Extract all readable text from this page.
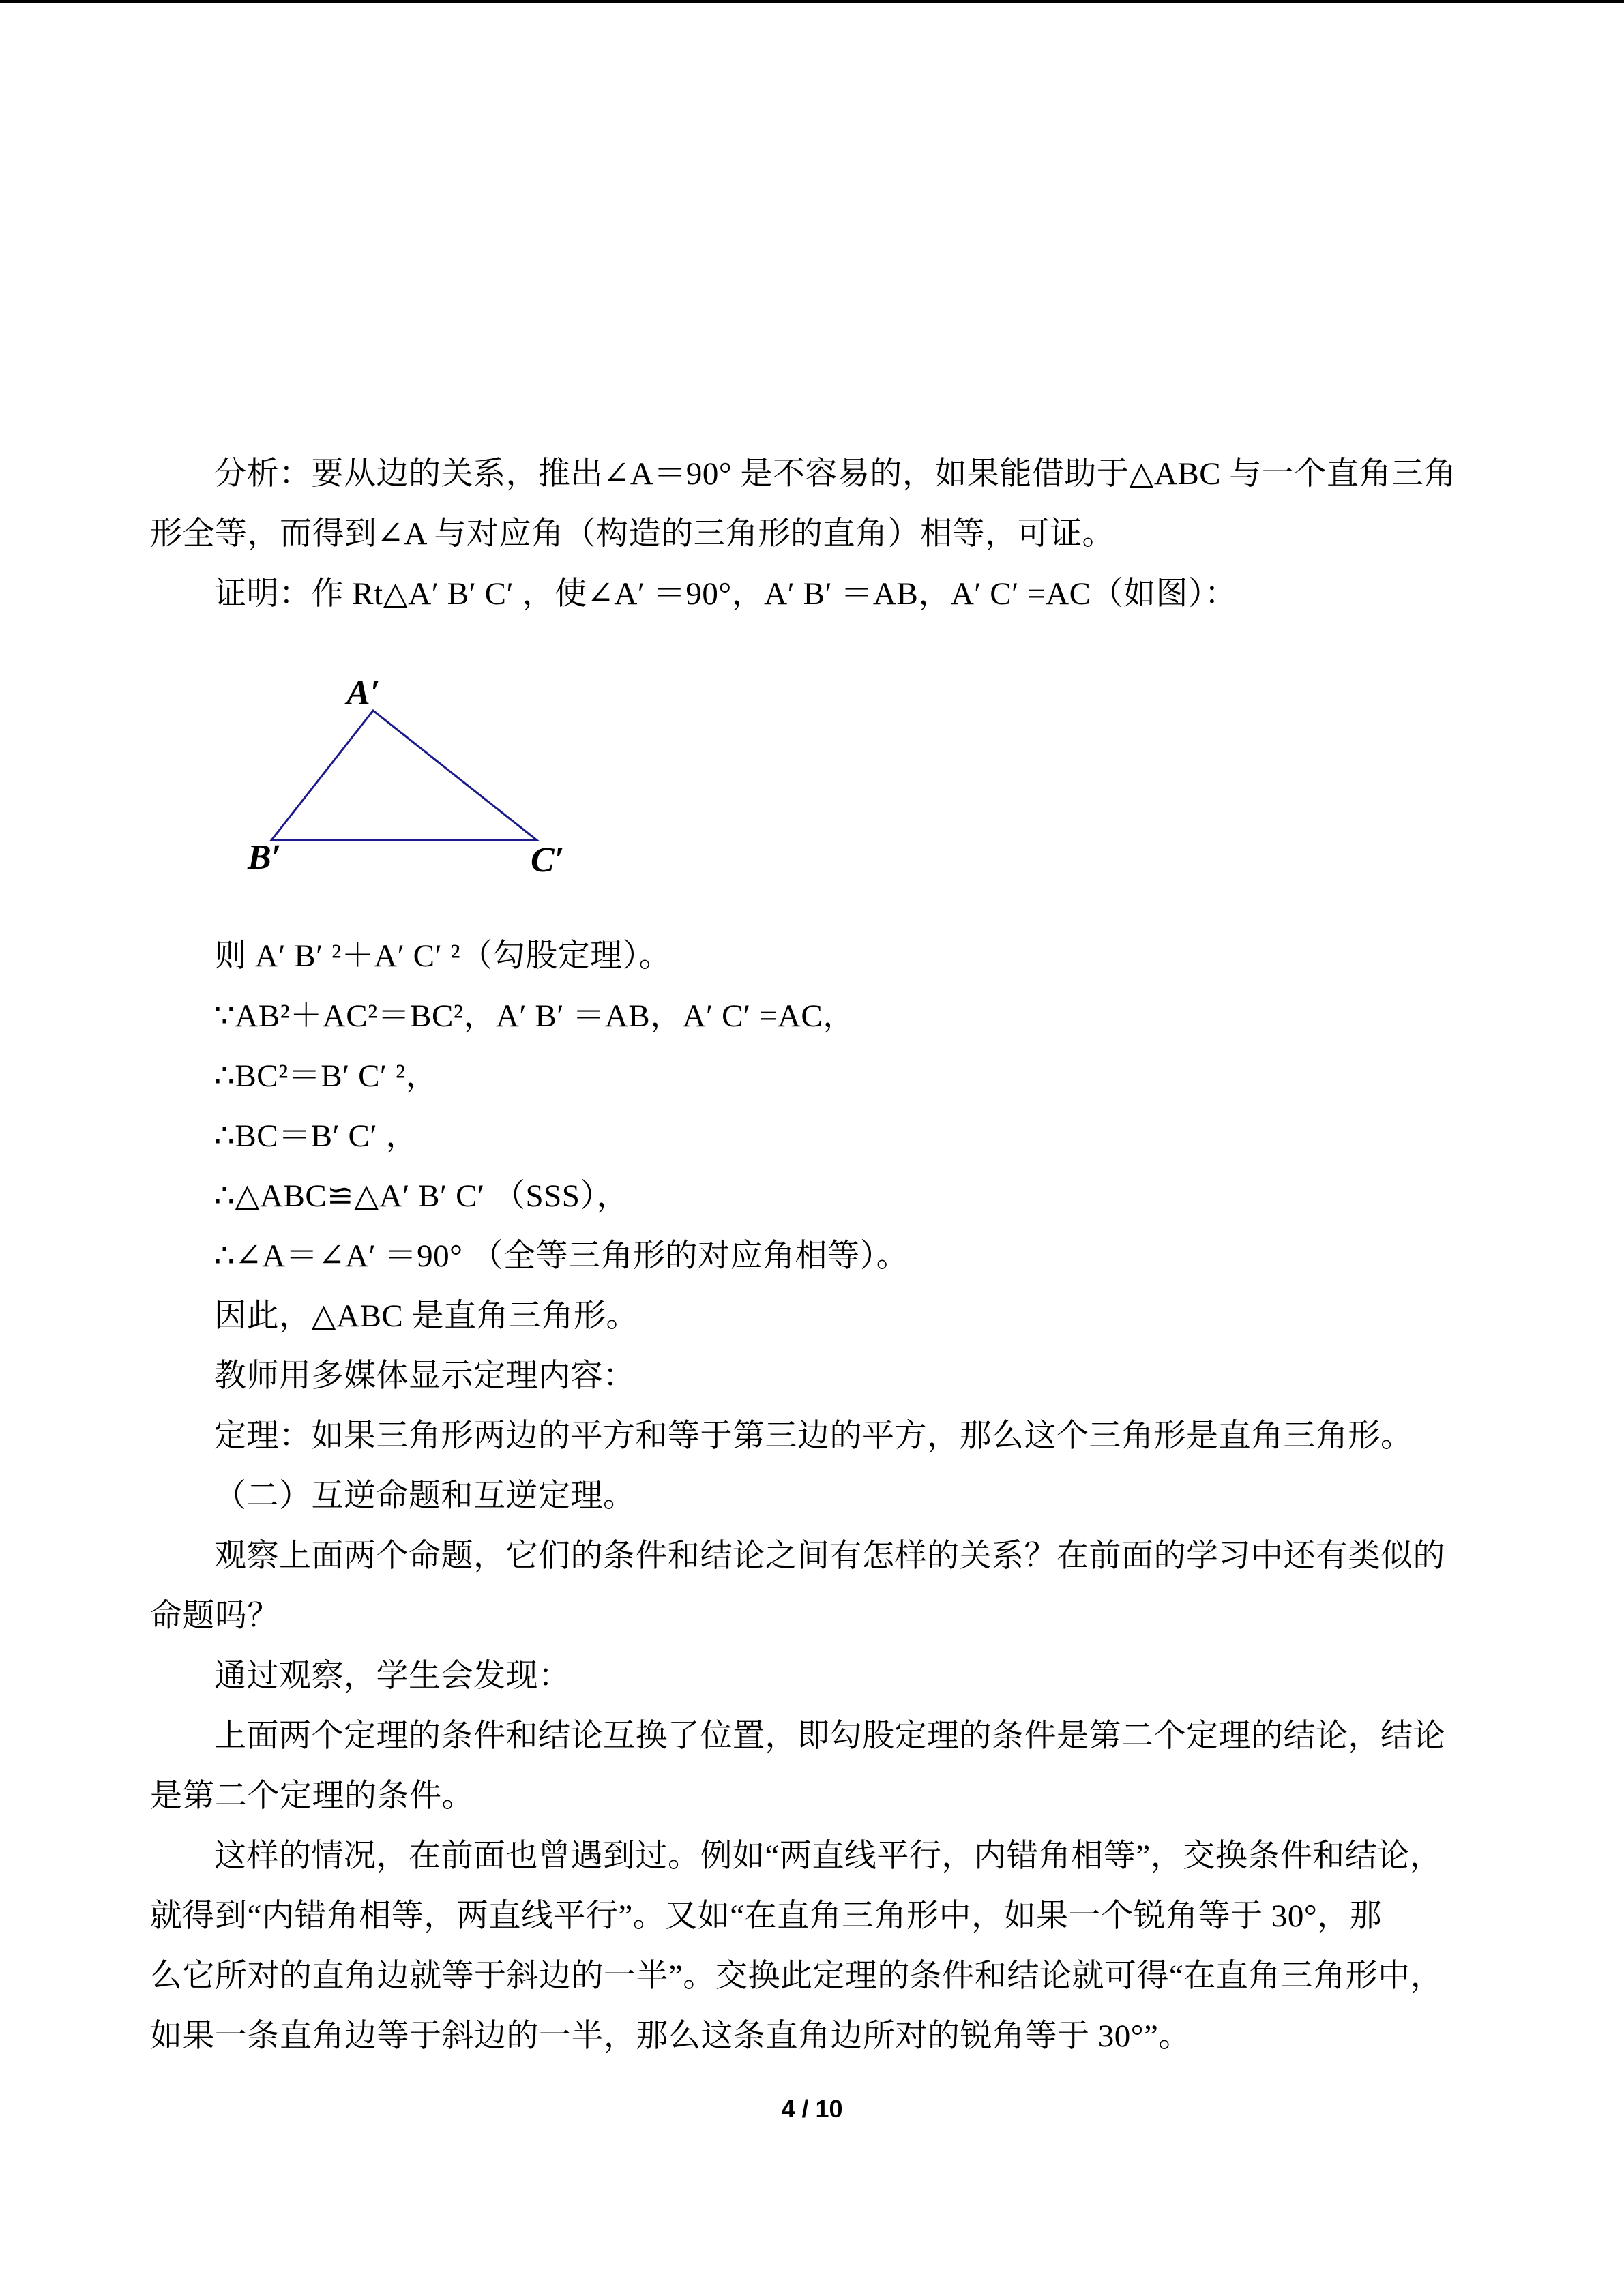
分析：要从边的关系，推出∠A＝90° 是不容易的，如果能借助于△ABC 与一个直角三角
形全等，而得到∠A 与对应角（构造的三角形的直角）相等，可证。
证明：作 Rt△A′ B′ C′ ，使∠A′ ＝90°，A′ B′ ＝AB，A′ C′ =AC（如图）：
A′
B′	C′
则 A′ B′ ²＋A′ C′ ²（勾股定理）。
∵AB²＋AC²＝BC²，A′ B′ ＝AB，A′ C′ =AC，
∴BC²＝B′ C′ ²，
∴BC＝B′ C′ ，
∴△ABC≌△A′ B′ C′ （SSS），
∴∠A＝∠A′ ＝90° （全等三角形的对应角相等）。
因此，△ABC 是直角三角形。
教师用多媒体显示定理内容：
定理：如果三角形两边的平方和等于第三边的平方，那么这个三角形是直角三角形。
（二）互逆命题和互逆定理。
观察上面两个命题，它们的条件和结论之间有怎样的关系？在前面的学习中还有类似的
命题吗？
通过观察，学生会发现：
上面两个定理的条件和结论互换了位置，即勾股定理的条件是第二个定理的结论，结论
是第二个定理的条件。
这样的情况，在前面也曾遇到过。例如“两直线平行，内错角相等”，交换条件和结论，
就得到“内错角相等，两直线平行”。又如“在直角三角形中，如果一个锐角等于 30°，那
么它所对的直角边就等于斜边的一半”。交换此定理的条件和结论就可得“在直角三角形中，
如果一条直角边等于斜边的一半，那么这条直角边所对的锐角等于 30°”。
4 / 10
